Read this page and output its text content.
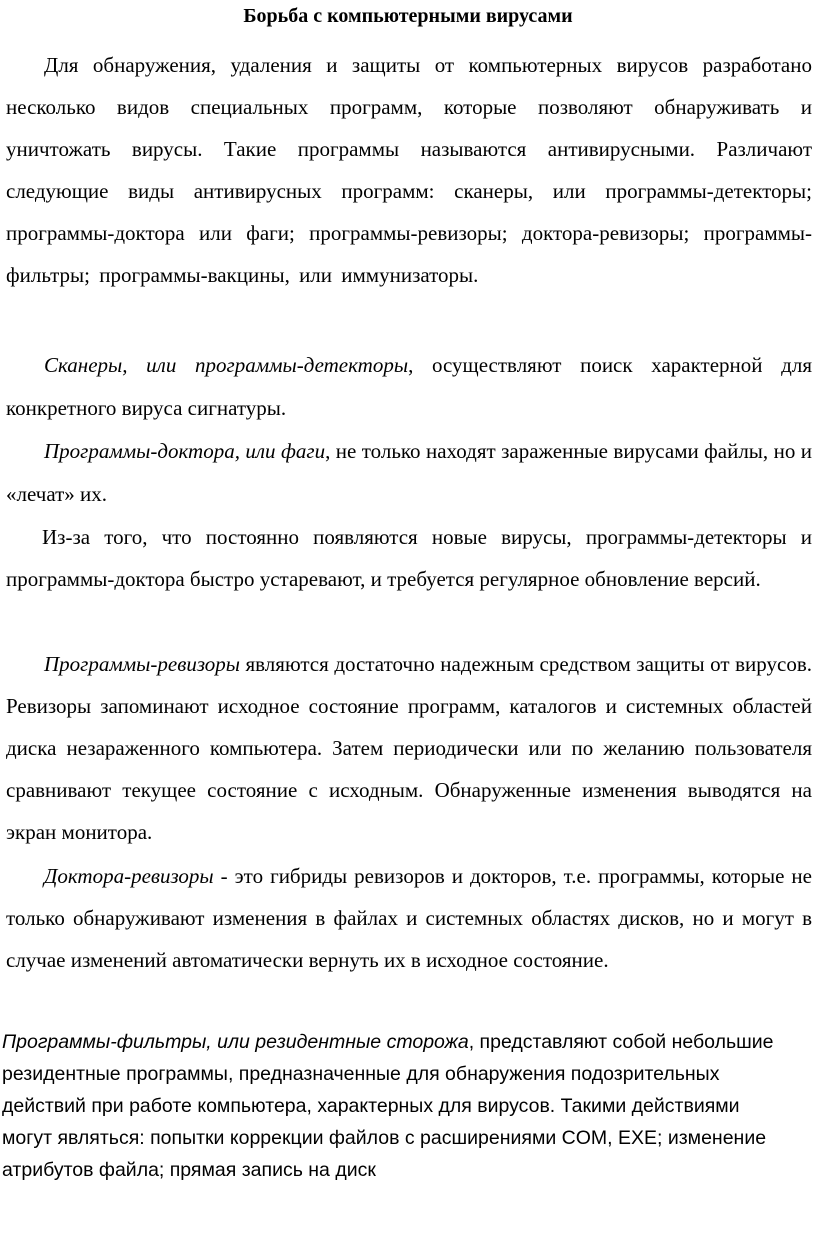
Борьба с компьютерными вирусами

Для обнаружения, удаления и защиты от компьютерных вирусов разработано несколько видов специальных программ, которые позволяют обнаруживать и уничтожать вирусы. Такие программы называются антивирусными. Различают следующие виды антивирусных программ: сканеры, или программы-детекторы; программы-доктора или фаги; программы-ревизоры; доктора-ревизоры; программы-фильтры; программы-вакцины, или иммунизаторы.

Сканеры, или программы-детекторы, осуществляют поиск характерной для конкретного вируса сигнатуры.

Программы-доктора, или фаги, не только находят зараженные вирусами файлы, но и «лечат» их.

Из-за того, что постоянно появляются новые вирусы, программы-детекторы и программы-доктора быстро устаревают, и требуется регулярное обновление версий.

Программы-ревизоры являются достаточно надежным средством защиты от вирусов. Ревизоры запоминают исходное состояние программ, каталогов и системных областей диска незараженного компьютера. Затем периодически или по желанию пользователя сравнивают текущее состояние с исходным. Обнаруженные изменения выводятся на экран монитора.

Доктора-ревизоры - это гибриды ревизоров и докторов, т.е. программы, которые не только обнаруживают изменения в файлах и системных областях дисков, но и могут в случае изменений автоматически вернуть их в исходное состояние.

Программы-фильтры, или резидентные сторожа, представляют собой небольшие резидентные программы, предназначенные для обнаружения подозрительных действий при работе компьютера, характерных для вирусов. Такими действиями могут являться: попытки коррекции файлов с расширениями COM, EXE; изменение атрибутов файла; прямая запись на диск
